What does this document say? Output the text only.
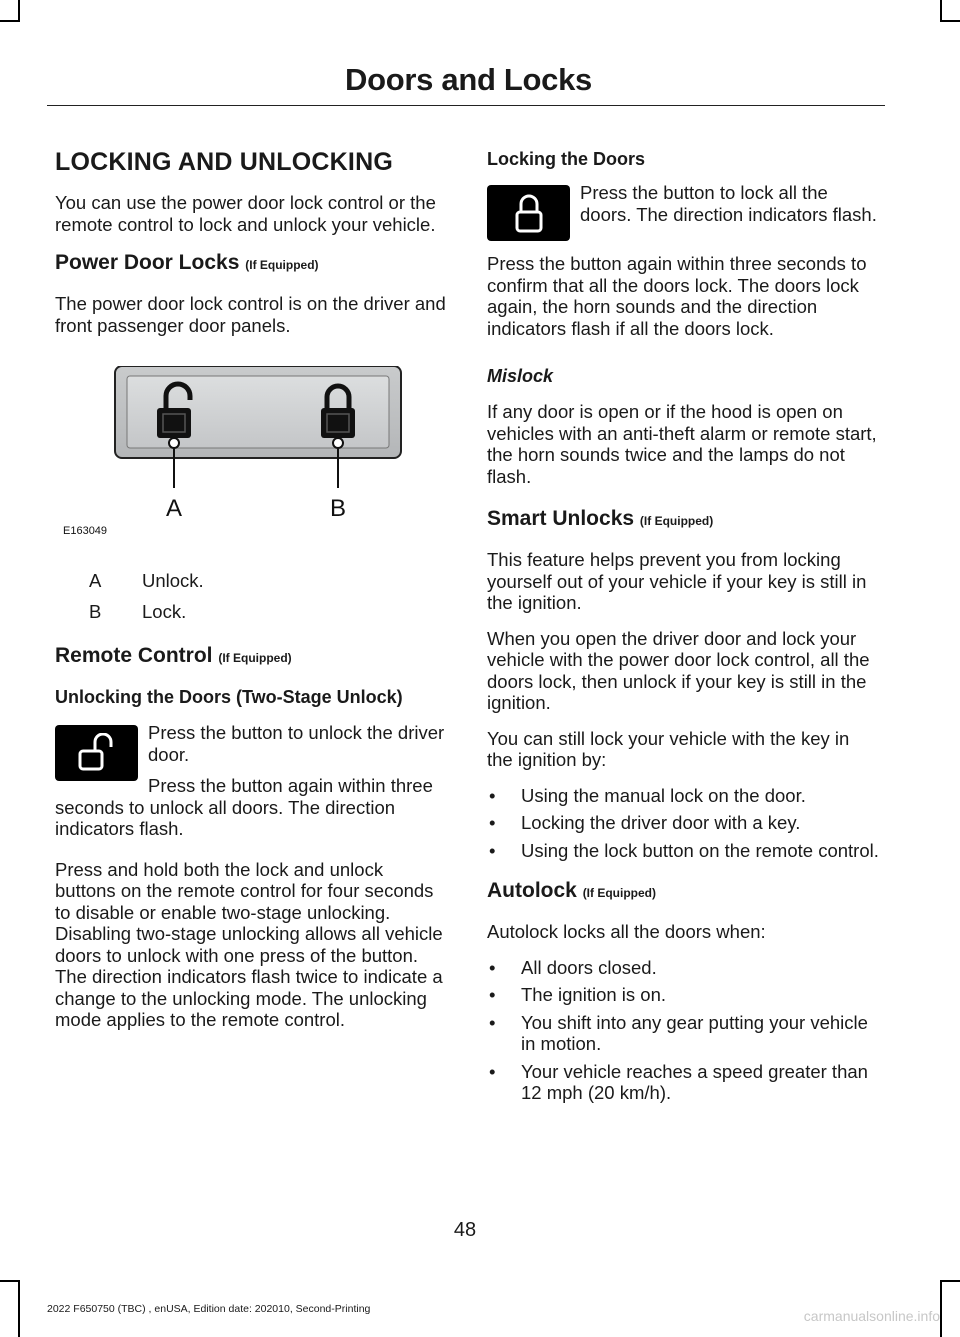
Doors and Locks
LOCKING AND UNLOCKING

You can use the power door lock control or the remote control to lock and unlock your vehicle.

Power Door Locks (If Equipped)

The power door lock control is on the driver and front passenger door panels.

A	B
E163049
A	Unlock.
B	Lock.
Remote Control (If Equipped)
Unlocking the Doors (Two-Stage Unlock)

Press the button to unlock the driver door.

Press the button again within three seconds to unlock all doors. The direction indicators flash.

Press and hold both the lock and unlock buttons on the remote control for four seconds to disable or enable two-stage unlocking. Disabling two-stage unlocking allows all vehicle doors to unlock with one press of the button. The direction indicators flash twice to indicate a change to the unlocking mode. The unlocking mode applies to the remote control.

Locking the Doors

Press the button to lock all the doors. The direction indicators flash.

Press the button again within three seconds to confirm that all the doors lock. The doors lock again, the horn sounds and the direction indicators flash if all the doors lock.

Mislock

If any door is open or if the hood is open on vehicles with an anti-theft alarm or remote start, the horn sounds twice and the lamps do not flash.

Smart Unlocks (If Equipped)

This feature helps prevent you from locking yourself out of your vehicle if your key is still in the ignition.

When you open the driver door and lock your vehicle with the power door lock control, all the doors lock, then unlock if your key is still in the ignition.

You can still lock your vehicle with the key in the ignition by:

• Using the manual lock on the door.
• Locking the driver door with a key.
• Using the lock button on the remote control.
Autolock (If Equipped)

Autolock locks all the doors when:

• All doors closed.
• The ignition is on.
• You shift into any gear putting your vehicle in motion.
• Your vehicle reaches a speed greater than 12 mph (20 km/h).
48
2022 F650750 (TBC) , enUSA, Edition date: 202010, Second-Printing	carmanualsonline.info
